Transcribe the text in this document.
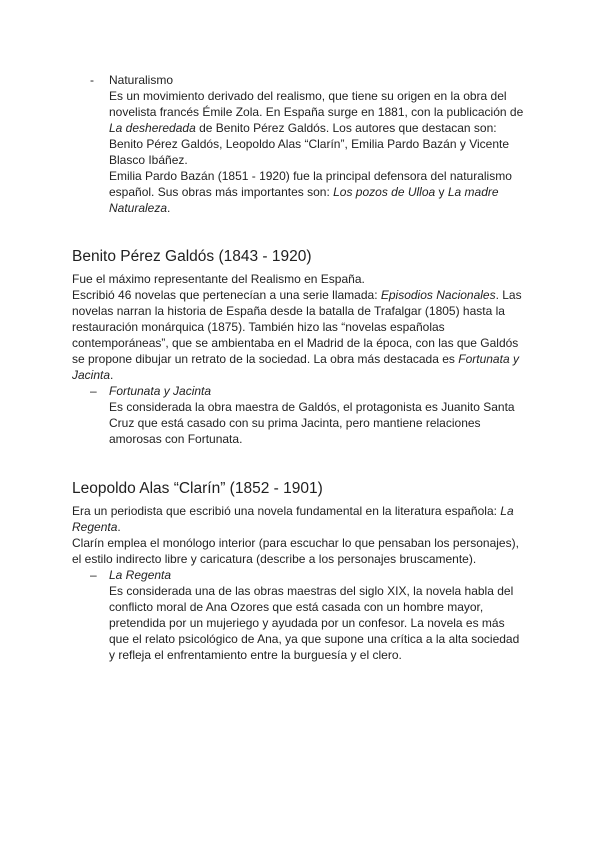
- Naturalismo

Es un movimiento derivado del realismo, que tiene su origen en la obra del

novelista francés Émile Zola. En España surge en 1881, con la publicación de

La desheredada de Benito Pérez Galdós. Los autores que destacan son:

Benito Pérez Galdós, Leopoldo Alas “Clarín”, Emilia Pardo Bazán y Vicente

Blasco Ibáñez.

Emilia Pardo Bazán (1851 - 1920) fue la principal defensora del naturalismo

español. Sus obras más importantes son: Los pozos de Ulloa y La madre

Naturaleza.

Benito Pérez Galdós (1843 - 1920)

Fue el máximo representante del Realismo en España.

Escribió 46 novelas que pertenecían a una serie llamada: Episodios Nacionales. Las

novelas narran la historia de España desde la batalla de Trafalgar (1805) hasta la

restauración monárquica (1875). También hizo las “novelas españolas

contemporáneas”, que se ambientaba en el Madrid de la época, con las que Galdós

se propone dibujar un retrato de la sociedad. La obra más destacada es Fortunata y

Jacinta.

– Fortunata y Jacinta

Es considerada la obra maestra de Galdós, el protagonista es Juanito Santa

Cruz que está casado con su prima Jacinta, pero mantiene relaciones

amorosas con Fortunata.

Leopoldo Alas “Clarín” (1852 - 1901)

Era un periodista que escribió una novela fundamental en la literatura española: La

Regenta.

Clarín emplea el monólogo interior (para escuchar lo que pensaban los personajes),

el estilo indirecto libre y caricatura (describe a los personajes bruscamente).

– La Regenta

Es considerada una de las obras maestras del siglo XIX, la novela habla del

conflicto moral de Ana Ozores que está casada con un hombre mayor,

pretendida por un mujeriego y ayudada por un confesor. La novela es más

que el relato psicológico de Ana, ya que supone una crítica a la alta sociedad

y refleja el enfrentamiento entre la burguesía y el clero.
